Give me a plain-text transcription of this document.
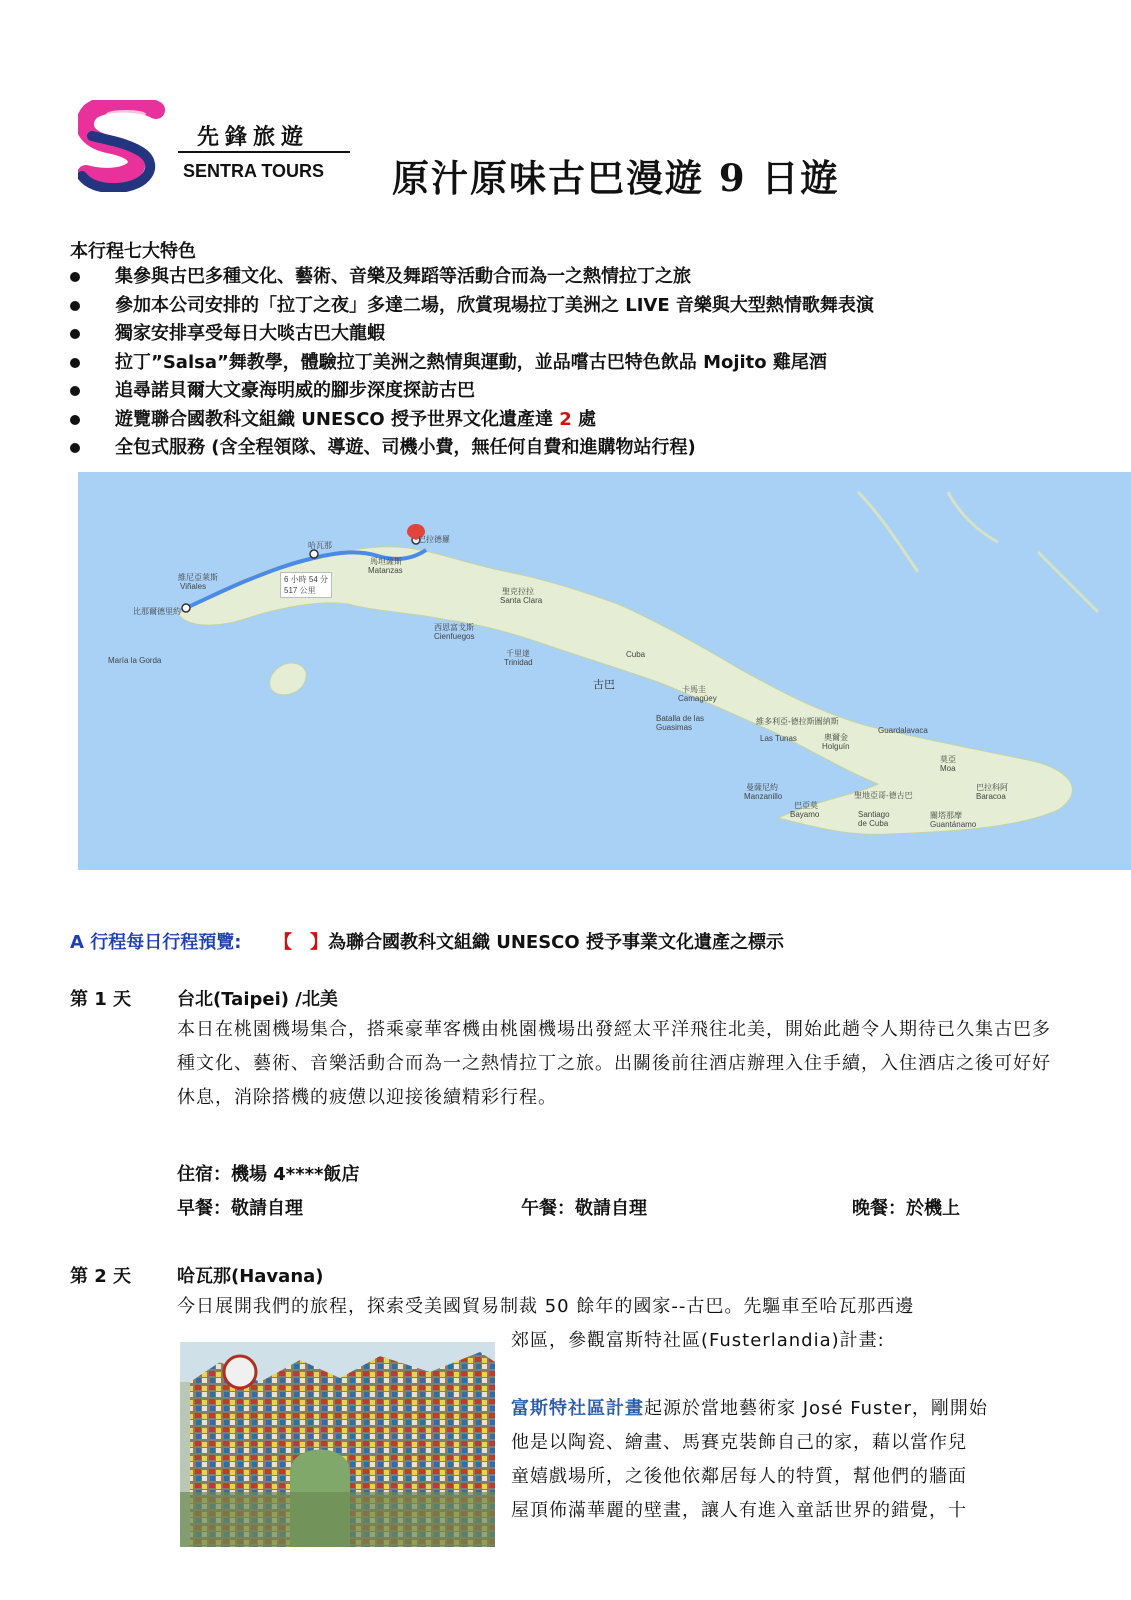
先鋒旅遊
SENTRA TOURS 原汁原味古巴漫遊 9 日遊
本行程七大特色
集參與古巴多種文化、藝術、音樂及舞蹈等活動合而為一之熱情拉丁之旅
參加本公司安排的「拉丁之夜」多達二場，欣賞現場拉丁美洲之 LIVE 音樂與大型熱情歌舞表演
獨家安排享受每日大啖古巴大龍蝦
拉丁”Salsa”舞教學，體驗拉丁美洲之熱情與運動，並品嚐古巴特色飲品 Mojito 雞尾酒
追尋諾貝爾大文豪海明威的腳步深度探訪古巴
遊覽聯合國教科文組織 UNESCO 授予世界文化遺產達 2 處
全包式服務 (含全程領隊、導遊、司機小費，無任何自費和進購物站行程)
6 小時 54 分
517 公里
哈瓦那
巴拉德羅
馬坦薩斯
Matanzas
維尼亞萊斯
Viñales
比那爾德里約
María la Gorda
聖克拉拉
Santa Clara
西恩富戈斯
Cienfuegos
千里達
Trinidad
Cuba
古巴	卡馬圭
Camagüey
Batalla de las Guasimas
維多利亞-德拉斯圖納斯
Las Tunas	奧爾金
Holguín
Guardalavaca
莫亞
Moa
曼薩尼約
Manzanillo
巴亞莫
Bayamo
聖地亞哥-德古巴
Santiago de Cuba
巴拉科阿
Baracoa
關塔那摩
Guantánamo
A 行程每日行程預覽: 【 】為聯合國教科文組織 UNESCO 授予事業文化遺產之標示
第 1 天	台北(Taipei) /北美

本日在桃園機場集合，搭乘豪華客機由桃園機場出發經太平洋飛往北美，開始此趟令人期待已久集古巴多種文化、藝術、音樂活動合而為一之熱情拉丁之旅。出關後前往酒店辦理入住手續，入住酒店之後可好好休息，消除搭機的疲憊以迎接後續精彩行程。

住宿：機場 4****飯店
早餐：敬請自理	午餐：敬請自理	晚餐：於機上
第 2 天	哈瓦那(Havana)
今日展開我們的旅程，探索受美國貿易制裁 50 餘年的國家--古巴。先驅車至哈瓦那西邊
郊區，參觀富斯特社區(Fusterlandia)計畫:
富斯特社區計畫起源於當地藝術家 José Fuster，剛開始
他是以陶瓷、繪畫、馬賽克裝飾自己的家，藉以當作兒
童嬉戲場所，之後他依鄰居每人的特質，幫他們的牆面
屋頂佈滿華麗的壁畫，讓人有進入童話世界的錯覺，十
